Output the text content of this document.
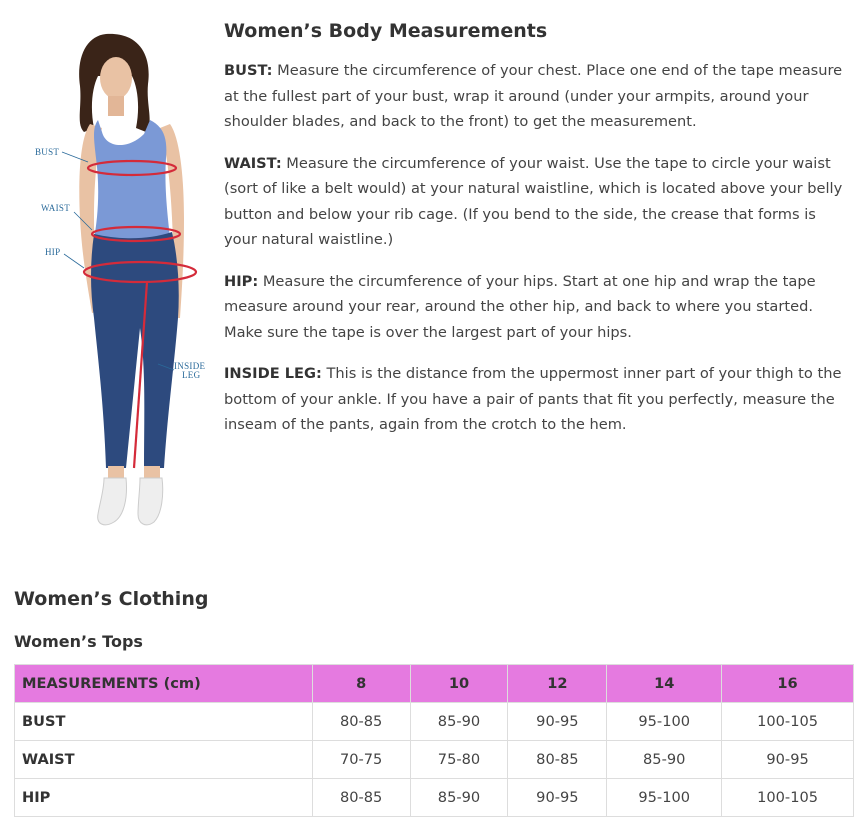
BUST
WAIST
HIP
INSIDE
LEG
Women’s Body Measurements

BUST: Measure the circumference of your chest. Place one end of the tape measure at the fullest part of your bust, wrap it around (under your armpits, around your shoulder blades, and back to the front) to get the measurement.

WAIST: Measure the circumference of your waist. Use the tape to circle your waist (sort of like a belt would) at your natural waistline, which is located above your belly button and below your rib cage. (If you bend to the side, the crease that forms is your natural waistline.)

HIP: Measure the circumference of your hips. Start at one hip and wrap the tape measure around your rear, around the other hip, and back to where you started. Make sure the tape is over the largest part of your hips.

INSIDE LEG: This is the distance from the uppermost inner part of your thigh to the bottom of your ankle. If you have a pair of pants that fit you perfectly, measure the inseam of the pants, again from the crotch to the hem.

Women’s Clothing
Women’s Tops
MEASUREMENTS (cm)	8	10	12	14	16
BUST	80-85	85-90	90-95	95-100	100-105
WAIST	70-75	75-80	80-85	85-90	90-95
HIP	80-85	85-90	90-95	95-100	100-105
